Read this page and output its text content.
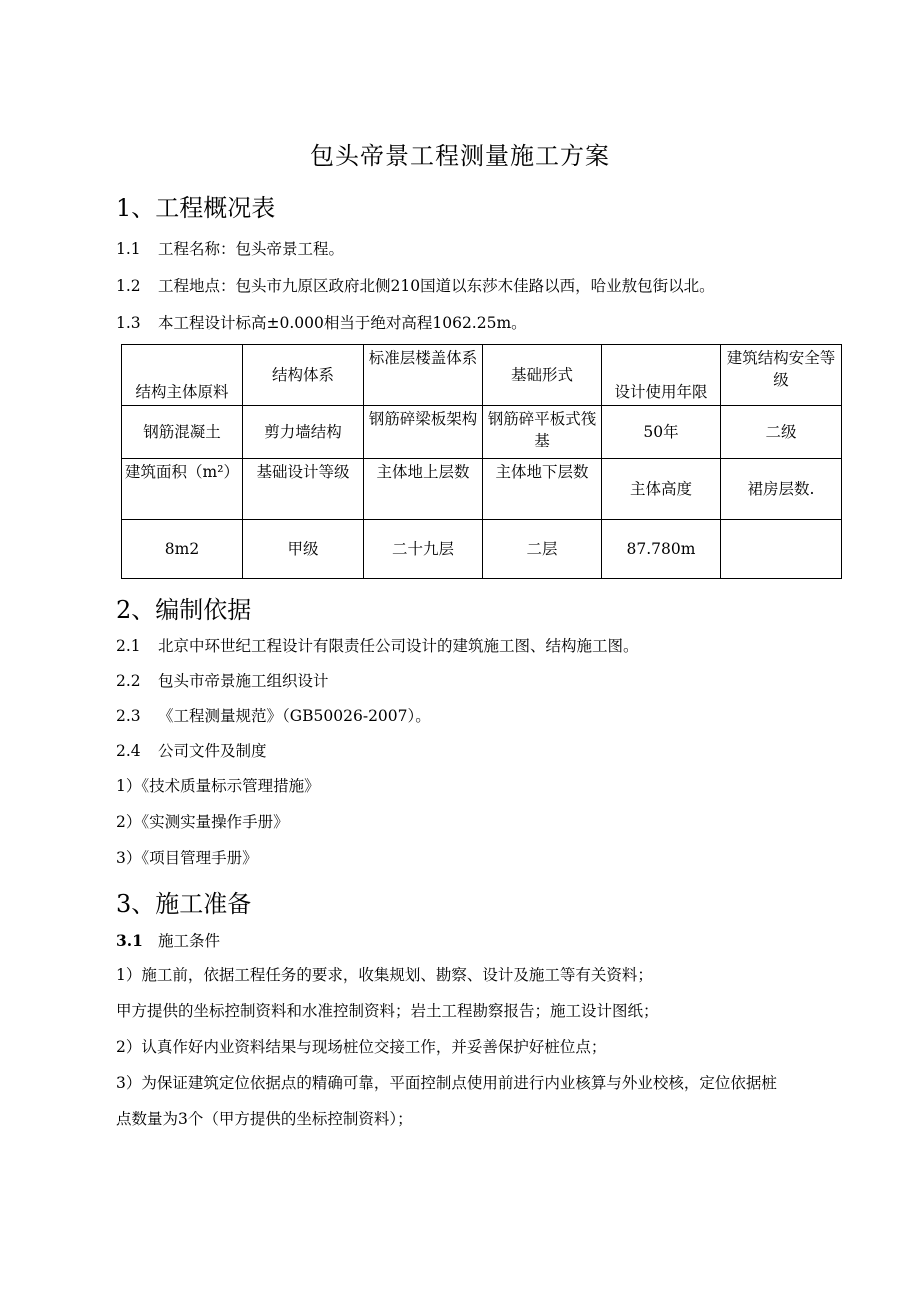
包头帝景工程测量施工方案
1、工程概况表
1.1 工程名称：包头帝景工程。
1.2 工程地点：包头市九原区政府北侧210国道以东莎木佳路以西，哈业敖包街以北。
1.3 本工程设计标高±0.000相当于绝对高程1062.25m。
结构主体原料	结构体系	标准层楼盖体系	基础形式	设计使用年限	建筑结构安全等级
钢筋混凝土	剪力墙结构	钢筋碎梁板架构	钢筋碎平板式筏基	50年	二级
建筑面积（m²）	基础设计等级	主体地上层数	主体地下层数	主体高度	裙房层数.
8m2	甲级	二十九层	二层	87.780m	
2、编制依据
2.1 北京中环世纪工程设计有限责任公司设计的建筑施工图、结构施工图。
2.2 包头市帝景施工组织设计
2.3 《工程测量规范》（GB50026-2007）。
2.4 公司文件及制度
1）《技术质量标示管理措施》
2）《实测实量操作手册》
3）《项目管理手册》
3、施工准备
3.1 施工条件
1）施工前，依据工程任务的要求，收集规划、勘察、设计及施工等有关资料；
甲方提供的坐标控制资料和水准控制资料；岩土工程勘察报告；施工设计图纸；
2）认真作好内业资料结果与现场桩位交接工作，并妥善保护好桩位点；
3）为保证建筑定位依据点的精确可靠，平面控制点使用前进行内业核算与外业校核，定位依据桩
点数量为3个（甲方提供的坐标控制资料）；
